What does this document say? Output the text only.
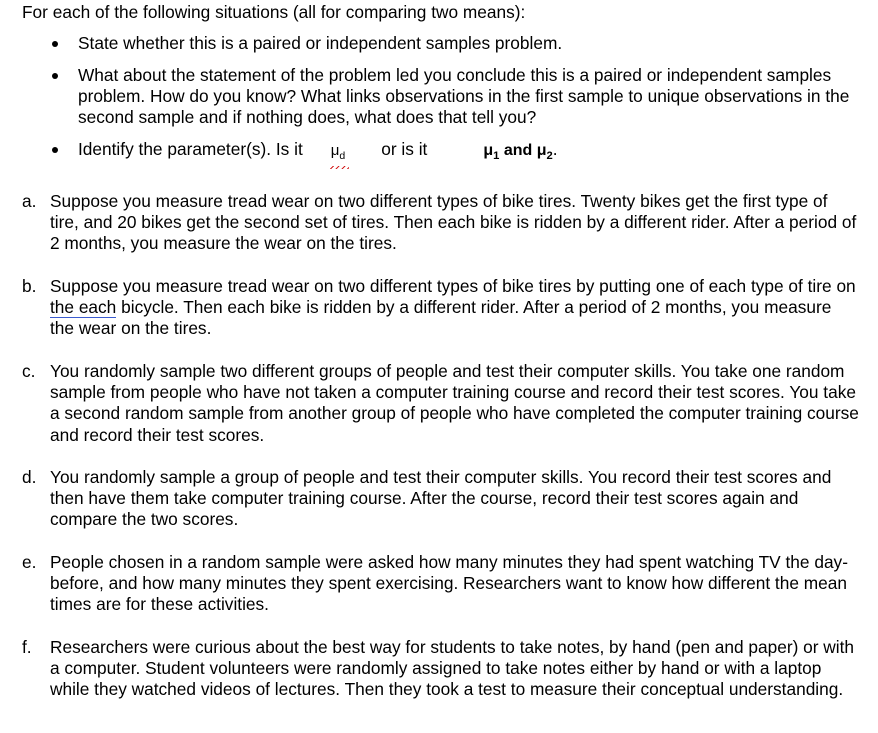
For each of the following situations (all for comparing two means):
State whether this is a paired or independent samples problem.
What about the statement of the problem led you conclude this is a paired or independent samples problem. How do you know? What links observations in the first sample to unique observations in the second sample and if nothing does, what does that tell you?
Identify the parameter(s). Is it $\mu_d$ or is it	$\mu_1$ and $\mu_2$.
a. Suppose you measure tread wear on two different types of bike tires. Twenty bikes get the first type of tire, and 20 bikes get the second set of tires. Then each bike is ridden by a different rider. After a period of 2 months, you measure the wear on the tires.
b. Suppose you measure tread wear on two different types of bike tires by putting one of each type of tire on the each bicycle. Then each bike is ridden by a different rider. After a period of 2 months, you measure the wear on the tires.
c. You randomly sample two different groups of people and test their computer skills. You take one random sample from people who have not taken a computer training course and record their test scores. You take a second random sample from another group of people who have completed the computer training course and record their test scores.
d. You randomly sample a group of people and test their computer skills. You record their test scores and then have them take computer training course. After the course, record their test scores again and compare the two scores.
e. People chosen in a random sample were asked how many minutes they had spent watching TV the day-before, and how many minutes they spent exercising. Researchers want to know how different the mean times are for these activities.
f. Researchers were curious about the best way for students to take notes, by hand (pen and paper) or with a computer. Student volunteers were randomly assigned to take notes either by hand or with a laptop while they watched videos of lectures. Then they took a test to measure their conceptual understanding.
